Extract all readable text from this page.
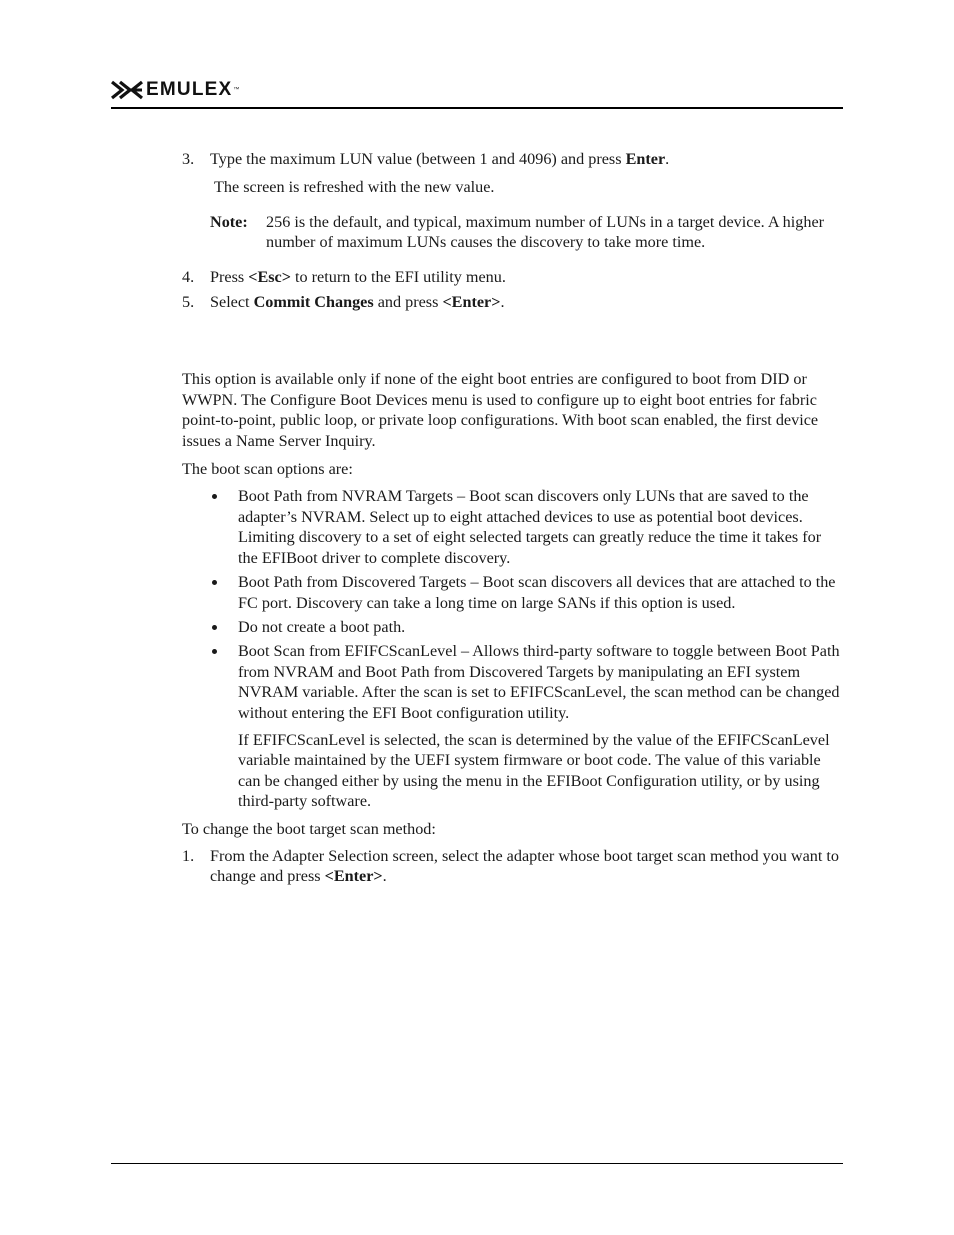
EMULEX ™

3. Type the maximum LUN value (between 1 and 4096) and press Enter.

The screen is refreshed with the new value.

Note: 256 is the default, and typical, maximum number of LUNs in a target device. A higher number of maximum LUNs causes the discovery to take more time.

4. Press <Esc> to return to the EFI utility menu.

5. Select Commit Changes and press <Enter>.

This option is available only if none of the eight boot entries are configured to boot from DID or WWPN. The Configure Boot Devices menu is used to configure up to eight boot entries for fabric point-to-point, public loop, or private loop configurations. With boot scan enabled, the first device issues a Name Server Inquiry.

The boot scan options are:

Boot Path from NVRAM Targets – Boot scan discovers only LUNs that are saved to the adapter’s NVRAM. Select up to eight attached devices to use as potential boot devices. Limiting discovery to a set of eight selected targets can greatly reduce the time it takes for the EFIBoot driver to complete discovery.
Boot Path from Discovered Targets – Boot scan discovers all devices that are attached to the FC port. Discovery can take a long time on large SANs if this option is used.
Do not create a boot path.
Boot Scan from EFIFCScanLevel – Allows third-party software to toggle between Boot Path from NVRAM and Boot Path from Discovered Targets by manipulating an EFI system NVRAM variable. After the scan is set to EFIFCScanLevel, the scan method can be changed without entering the EFI Boot configuration utility.

If EFIFCScanLevel is selected, the scan is determined by the value of the EFIFCScanLevel variable maintained by the UEFI system firmware or boot code. The value of this variable can be changed either by using the menu in the EFIBoot Configuration utility, or by using third-party software.

To change the boot target scan method:

1. From the Adapter Selection screen, select the adapter whose boot target scan method you want to change and press <Enter>.
